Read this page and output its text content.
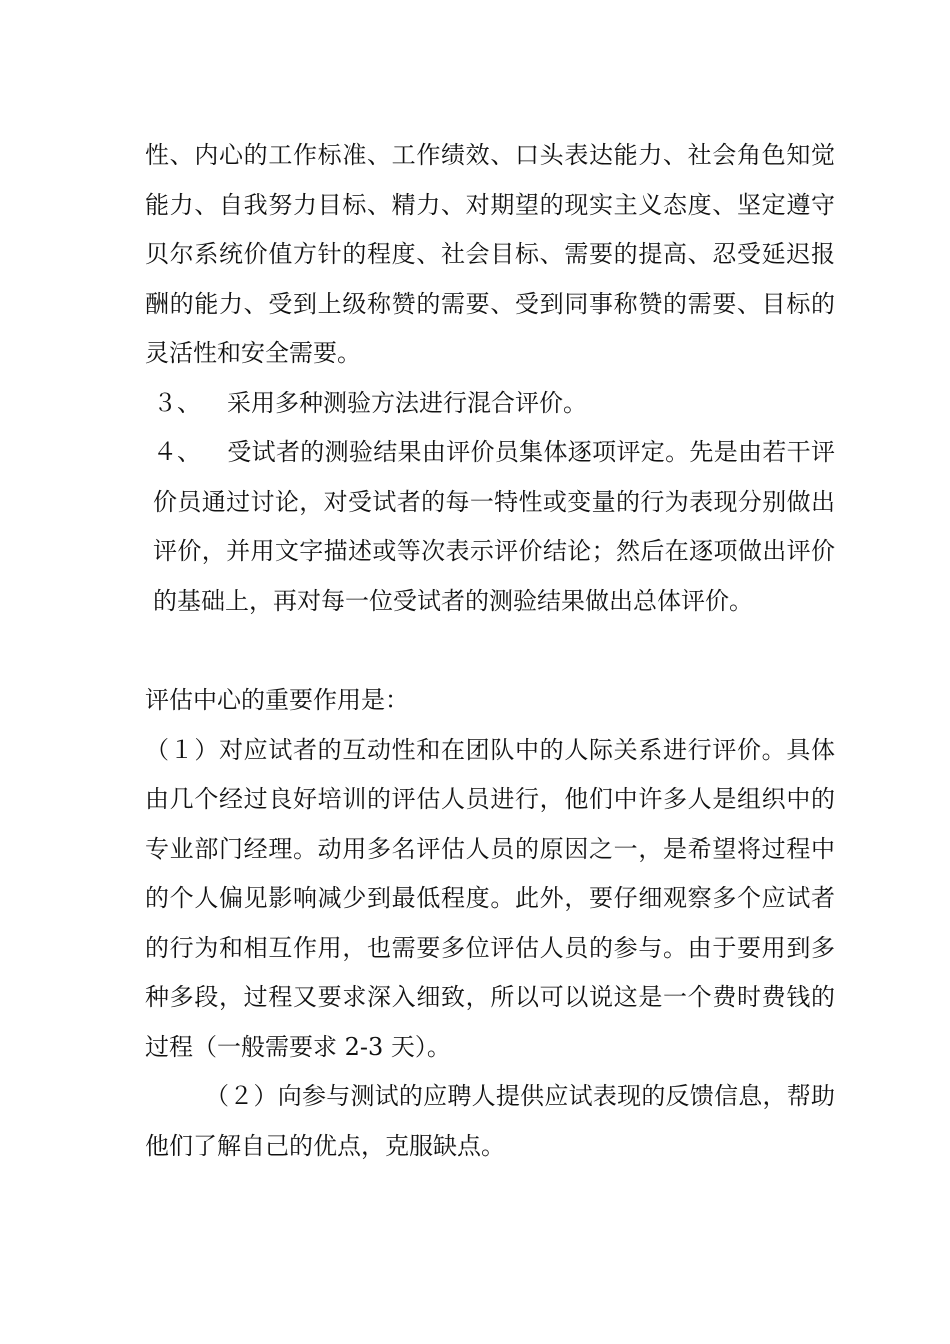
性、内心的工作标准、工作绩效、口头表达能力、社会角色知觉能力、自我努力目标、精力、对期望的现实主义态度、坚定遵守贝尔系统价值方针的程度、社会目标、需要的提高、忍受延迟报酬的能力、受到上级称赞的需要、受到同事称赞的需要、目标的灵活性和安全需要。

３、 采用多种测验方法进行混合评价。

４、 受试者的测验结果由评价员集体逐项评定。先是由若干评价员通过讨论，对受试者的每一特性或变量的行为表现分别做出评价，并用文字描述或等次表示评价结论；然后在逐项做出评价的基础上，再对每一位受试者的测验结果做出总体评价。

评估中心的重要作用是：

（１）对应试者的互动性和在团队中的人际关系进行评价。具体由几个经过良好培训的评估人员进行，他们中许多人是组织中的专业部门经理。动用多名评估人员的原因之一，是希望将过程中的个人偏见影响减少到最低程度。此外，要仔细观察多个应试者的行为和相互作用，也需要多位评估人员的参与。由于要用到多种多段，过程又要求深入细致，所以可以说这是一个费时费钱的过程（一般需要求 2-3 天）。

（２）向参与测试的应聘人提供应试表现的反馈信息，帮助他们了解自己的优点，克服缺点。
